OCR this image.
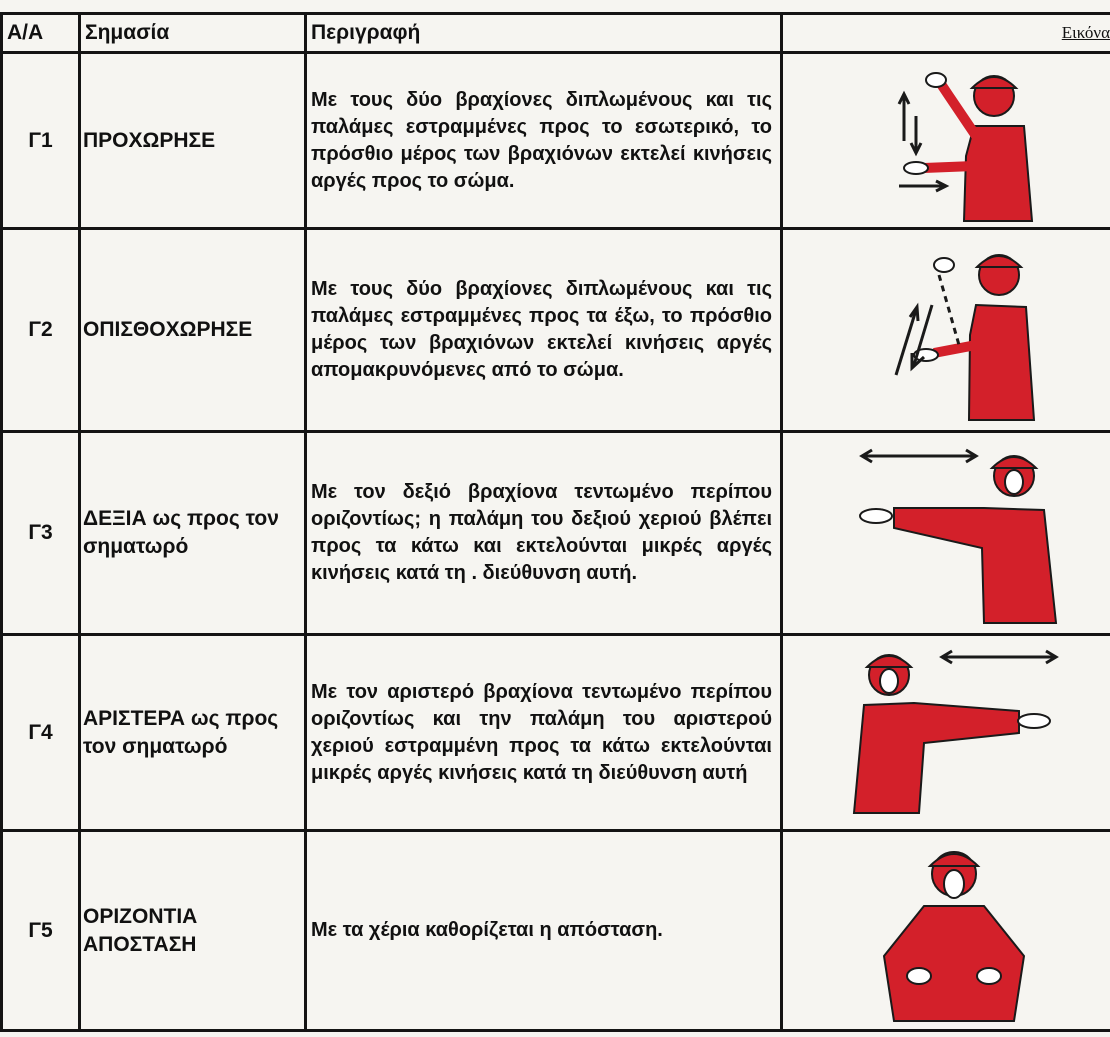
Α/Α	Σημασία	Περιγραφή	Εικόνα
Γ1	ΠΡΟΧΩΡΗΣΕ	Με τους δύο βραχίονες διπλωμένους και τις παλάμες εστραμμένες προς το εσωτερικό, το πρόσθιο μέρος των βραχιόνων εκτελεί κινήσεις αργές προς το σώμα.	

Γ2	ΟΠΙΣΘΟΧΩΡΗΣΕ	Με τους δύο βραχίονες διπλωμένους και τις παλάμες εστραμμένες προς τα έξω, το πρόσθιο μέρος των βραχιόνων εκτελεί κινήσεις αργές απομακρυνόμενες από το σώμα.	

Γ3	ΔΕΞΙΑ ως προς τον σηματωρό	Με τον δεξιό βραχίονα τεντωμένο περίπου οριζοντίως; η παλάμη του δεξιού χεριού βλέπει προς τα κάτω και εκτελούνται μικρές αργές κινήσεις κατά τη . διεύθυνση αυτή.	

Γ4	ΑΡΙΣΤΕΡΑ ως προς τον σηματωρό	Με τον αριστερό βραχίονα τεντωμένο περίπου οριζοντίως και την παλάμη του αριστερού χεριού εστραμμένη προς τα κάτω εκτελούνται μικρές αργές κινήσεις κατά τη διεύθυνση αυτή	

Γ5	ΟΡΙΖΟΝΤΙΑ ΑΠΟΣΤΑΣΗ	Με τα χέρια καθορίζεται η απόσταση.	
